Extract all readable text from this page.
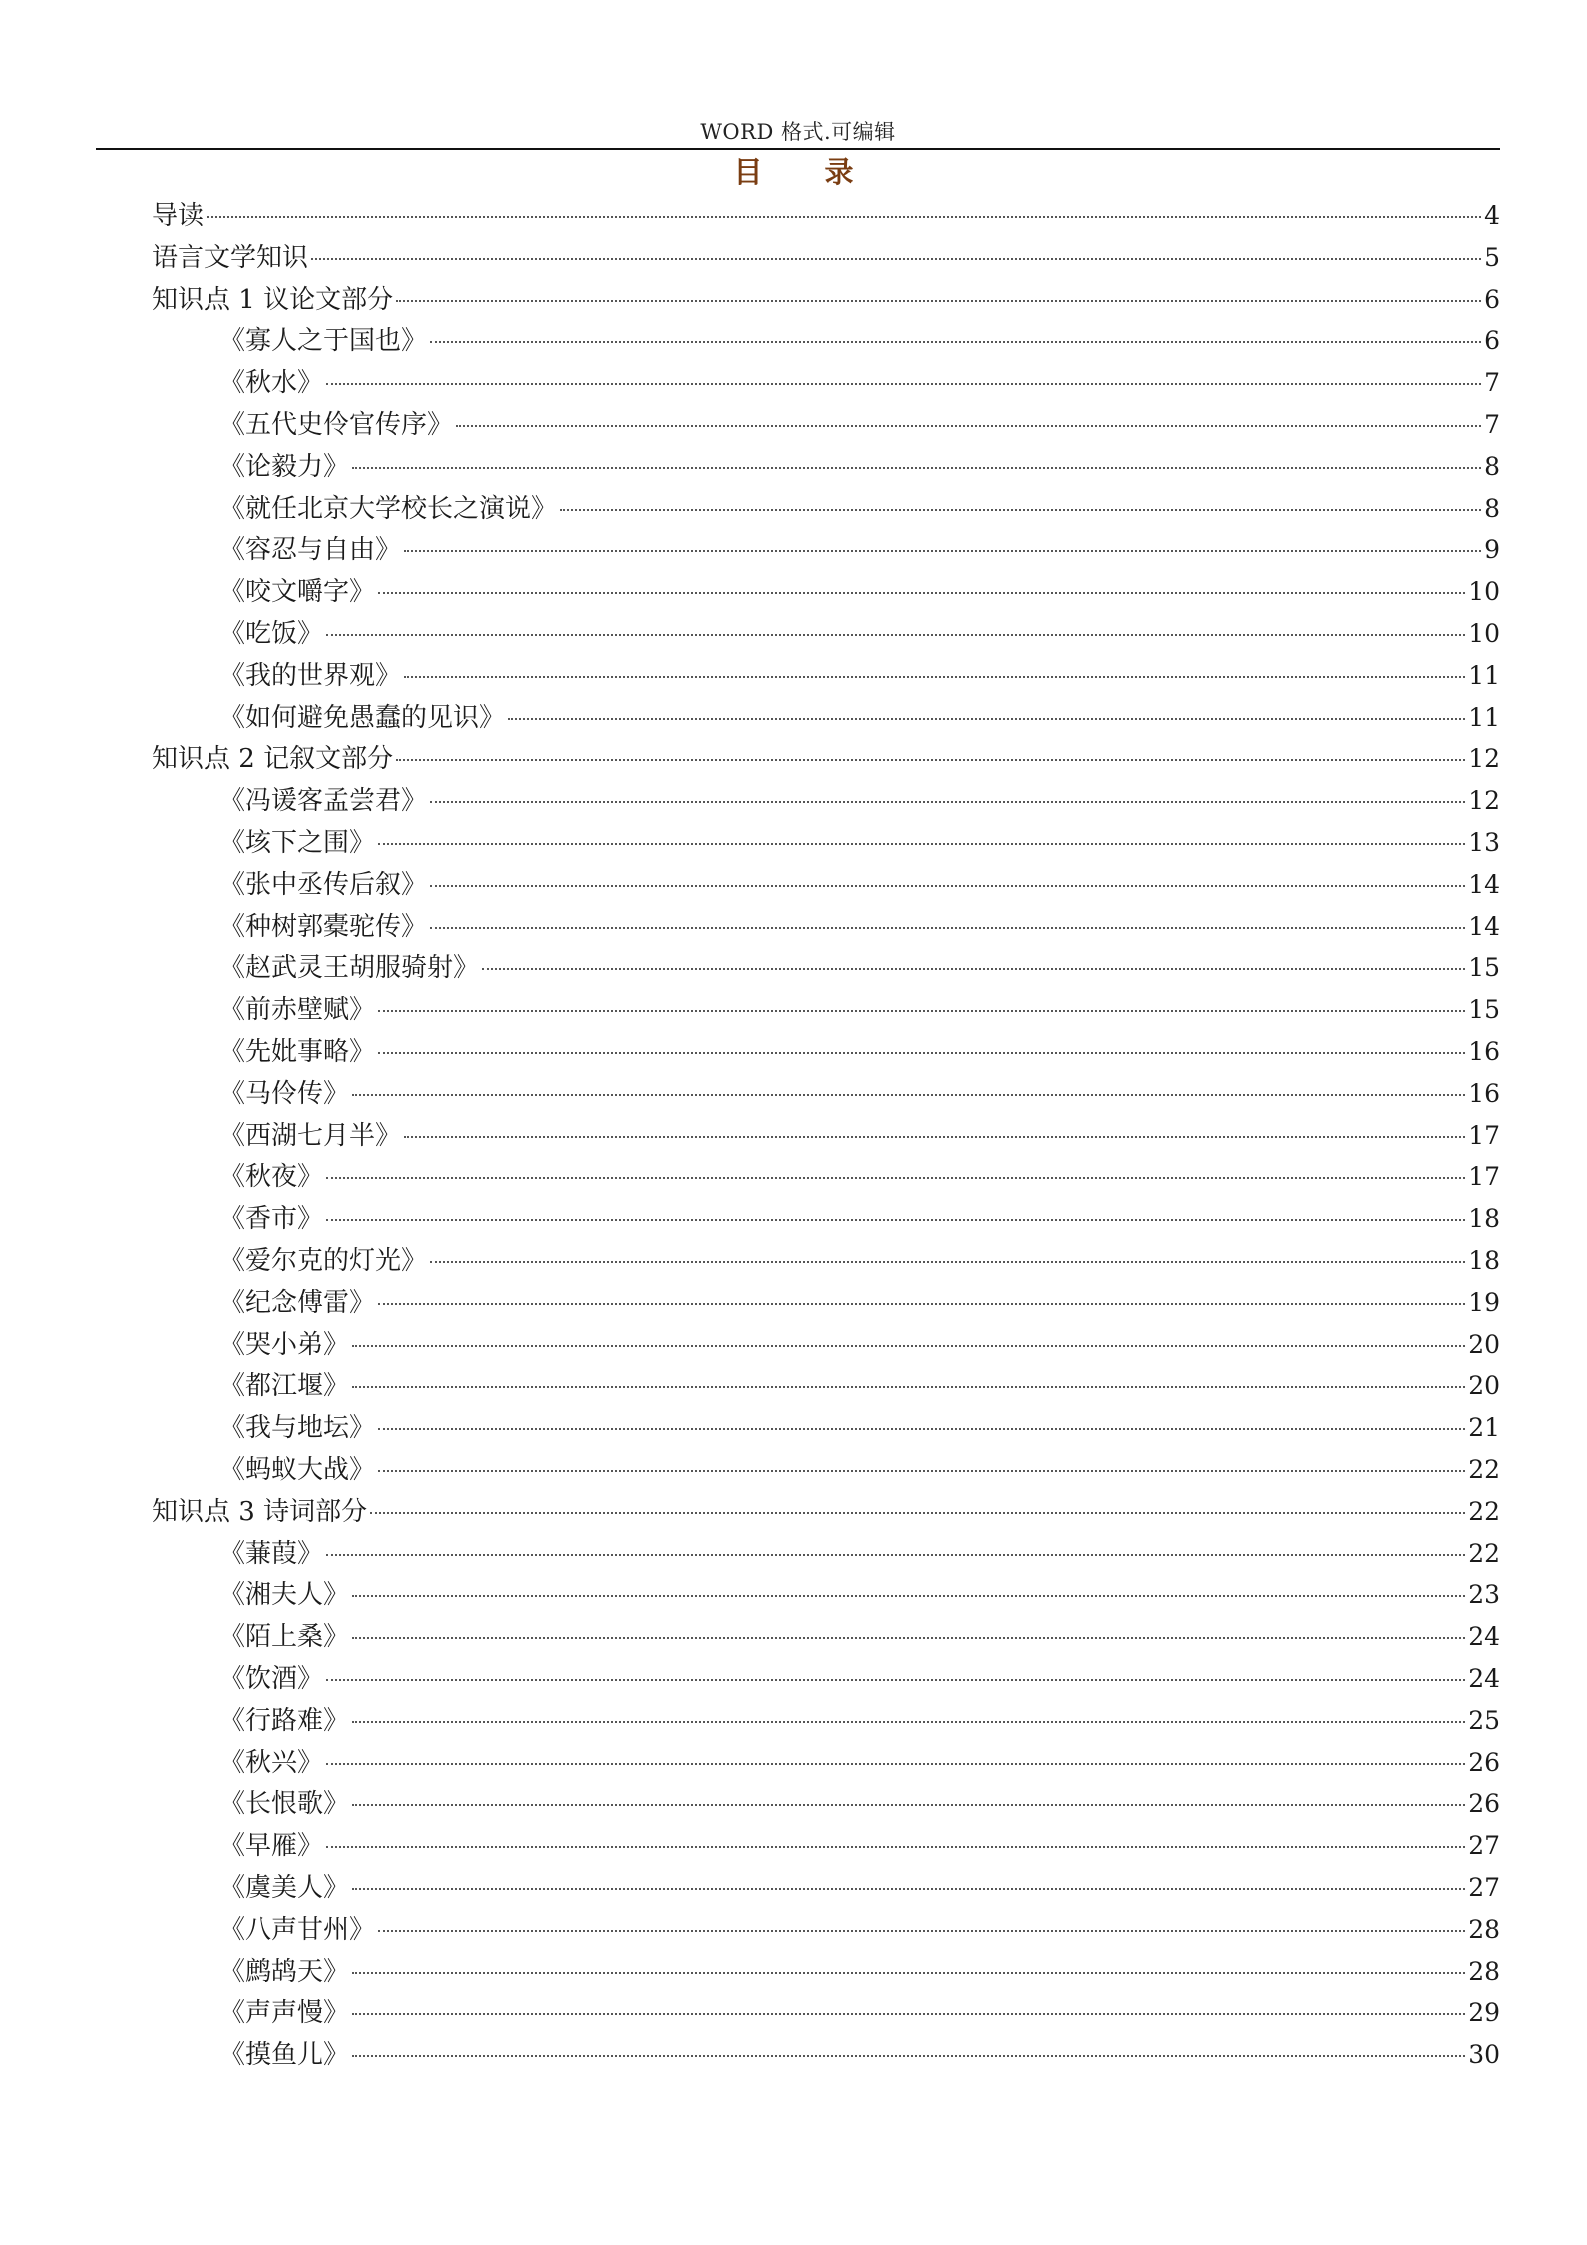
WORD 格式.可编辑
目 录
导读	4
语言文学知识	5
知识点 1 议论文部分	6
《寡人之于国也》	6
《秋水》	7
《五代史伶官传序》	7
《论毅力》	8
《就任北京大学校长之演说》	8
《容忍与自由》	9
《咬文嚼字》	10
《吃饭》	10
《我的世界观》	11
《如何避免愚蠢的见识》	11
知识点 2 记叙文部分	12
《冯谖客孟尝君》	12
《垓下之围》	13
《张中丞传后叙》	14
《种树郭橐驼传》	14
《赵武灵王胡服骑射》	15
《前赤壁赋》	15
《先妣事略》	16
《马伶传》	16
《西湖七月半》	17
《秋夜》	17
《香市》	18
《爱尔克的灯光》	18
《纪念傅雷》	19
《哭小弟》	20
《都江堰》	20
《我与地坛》	21
《蚂蚁大战》	22
知识点 3 诗词部分	22
《蒹葭》	22
《湘夫人》	23
《陌上桑》	24
《饮酒》	24
《行路难》	25
《秋兴》	26
《长恨歌》	26
《早雁》	27
《虞美人》	27
《八声甘州》	28
《鹧鸪天》	28
《声声慢》	29
《摸鱼儿》	30
